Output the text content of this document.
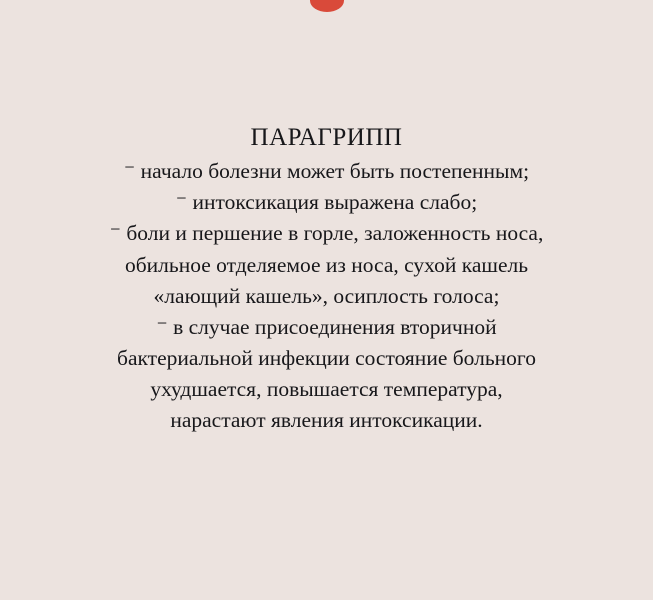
ПАРАГРИПП
⁻ начало болезни может быть постепенным;
⁻ интоксикация выражена слабо;
⁻ боли и першение в горле, заложенность носа,
обильное отделяемое из носа, сухой кашель
«лающий кашель», осиплость голоса;
⁻ в случае присоединения вторичной
бактериальной инфекции состояние больного
ухудшается, повышается температура,
нарастают явления интоксикации.
